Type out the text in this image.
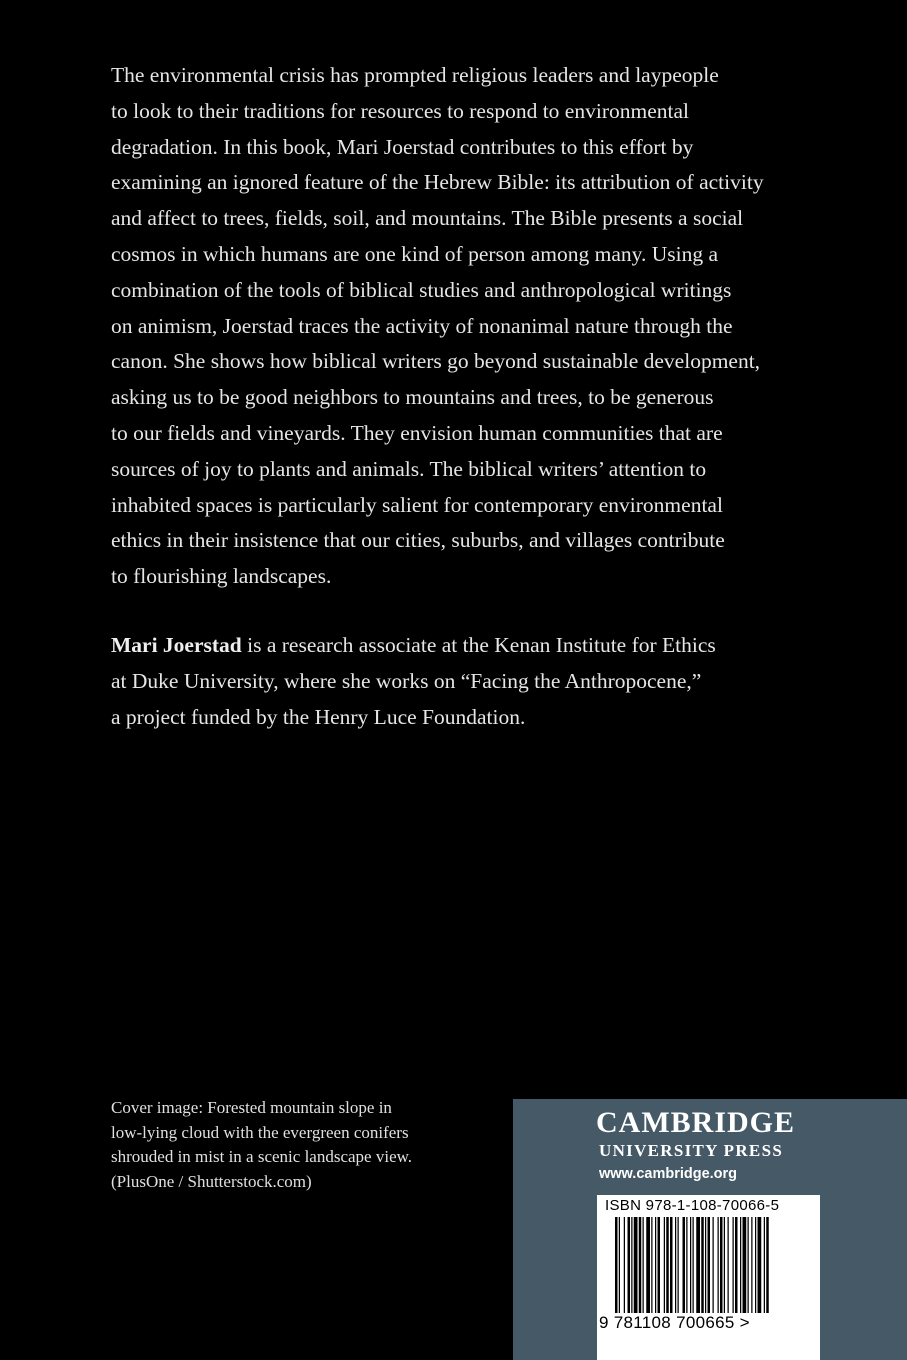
The environmental crisis has prompted religious leaders and laypeople
to look to their traditions for resources to respond to environmental
degradation. In this book, Mari Joerstad contributes to this effort by
examining an ignored feature of the Hebrew Bible: its attribution of activity
and affect to trees, fields, soil, and mountains. The Bible presents a social
cosmos in which humans are one kind of person among many. Using a
combination of the tools of biblical studies and anthropological writings
on animism, Joerstad traces the activity of nonanimal nature through the
canon. She shows how biblical writers go beyond sustainable development,
asking us to be good neighbors to mountains and trees, to be generous
to our fields and vineyards. They envision human communities that are
sources of joy to plants and animals. The biblical writers’ attention to
inhabited spaces is particularly salient for contemporary environmental
ethics in their insistence that our cities, suburbs, and villages contribute
to flourishing landscapes.
Mari Joerstad is a research associate at the Kenan Institute for Ethics
at Duke University, where she works on “Facing the Anthropocene,”
a project funded by the Henry Luce Foundation.
Cover image: Forested mountain slope in
low-lying cloud with the evergreen conifers
shrouded in mist in a scenic landscape view.
(PlusOne / Shutterstock.com)
CAMBRIDGE
UNIVERSITY PRESS
www.cambridge.org
ISBN 978-1-108-70066-5
9 781108 700665 >
